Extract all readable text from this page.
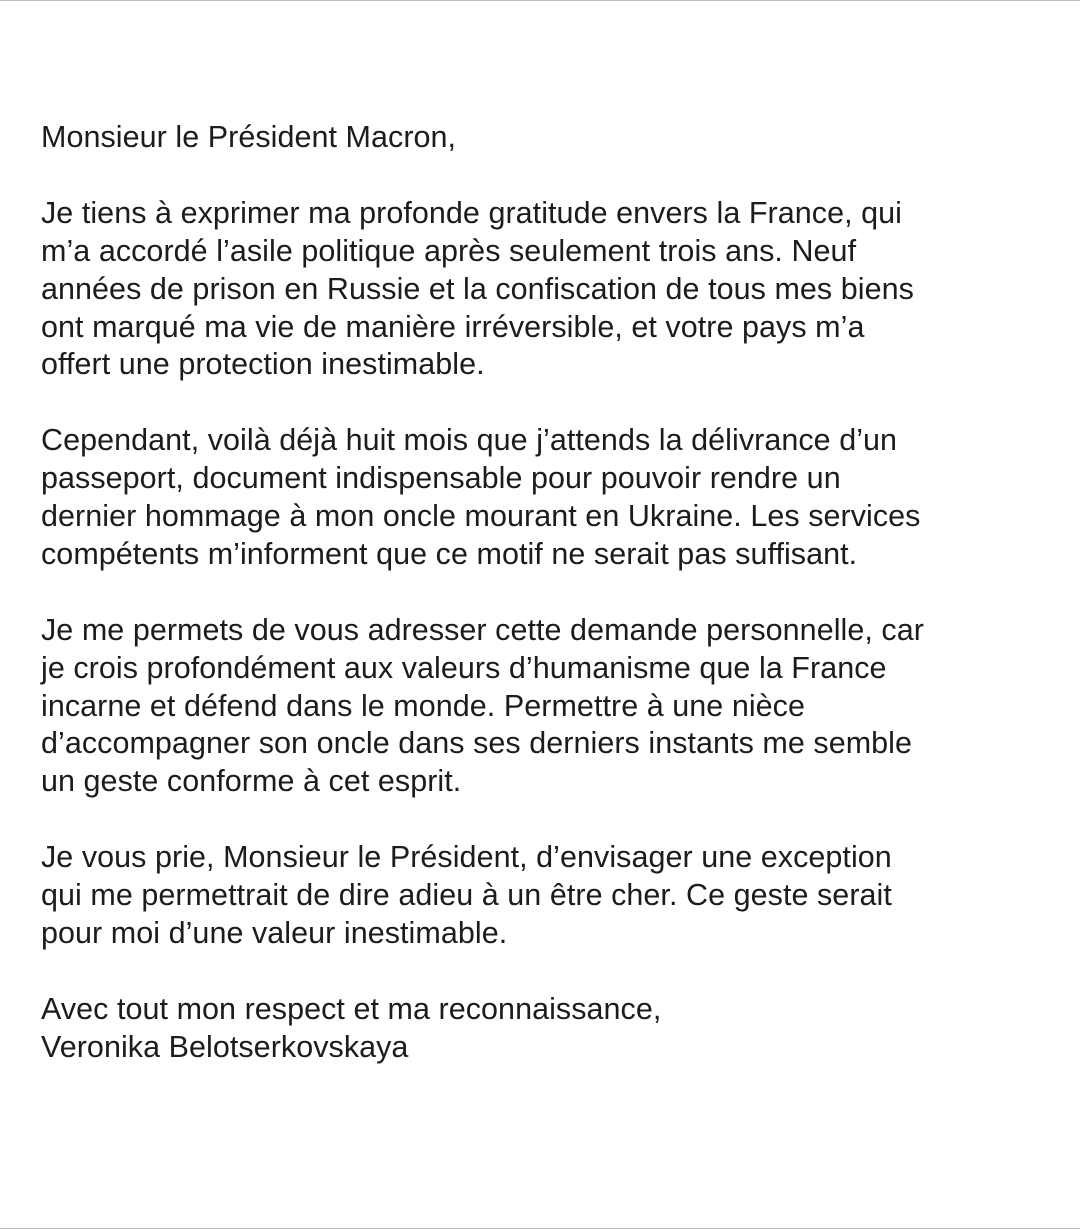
Monsieur le Président Macron,
Je tiens à exprimer ma profonde gratitude envers la France, qui
m’a accordé l’asile politique après seulement trois ans. Neuf
années de prison en Russie et la confiscation de tous mes biens
ont marqué ma vie de manière irréversible, et votre pays m’a
offert une protection inestimable.
Cependant, voilà déjà huit mois que j’attends la délivrance d’un
passeport, document indispensable pour pouvoir rendre un
dernier hommage à mon oncle mourant en Ukraine. Les services
compétents m’informent que ce motif ne serait pas suffisant.
Je me permets de vous adresser cette demande personnelle, car
je crois profondément aux valeurs d’humanisme que la France
incarne et défend dans le monde. Permettre à une nièce
d’accompagner son oncle dans ses derniers instants me semble
un geste conforme à cet esprit.
Je vous prie, Monsieur le Président, d’envisager une exception
qui me permettrait de dire adieu à un être cher. Ce geste serait
pour moi d’une valeur inestimable.
Avec tout mon respect et ma reconnaissance,
Veronika Belotserkovskaya
